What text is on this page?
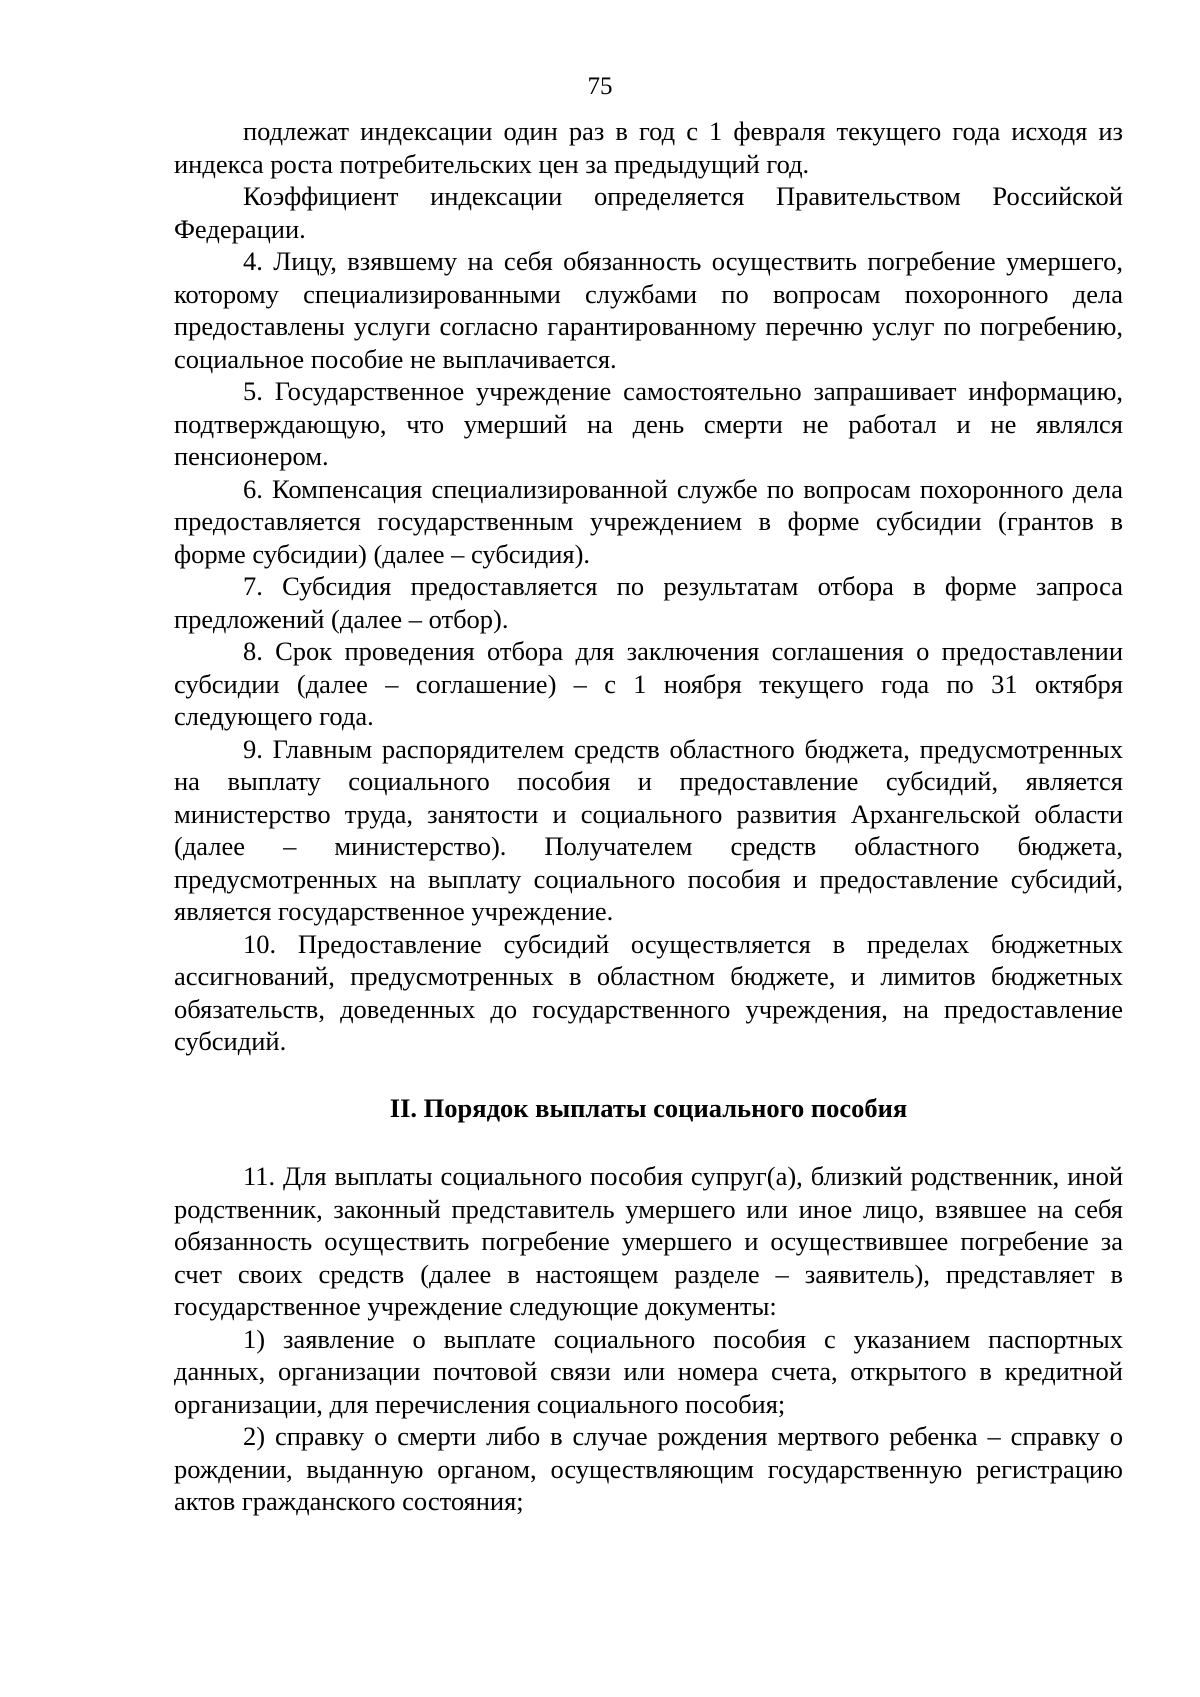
75

подлежат индексации один раз в год с 1 февраля текущего года исходя из индекса роста потребительских цен за предыдущий год.

Коэффициент индексации определяется Правительством Российской Федерации.

4. Лицу, взявшему на себя обязанность осуществить погребение умершего, которому специализированными службами по вопросам похоронного дела предоставлены услуги согласно гарантированному перечню услуг по погребению, социальное пособие не выплачивается.

5. Государственное учреждение самостоятельно запрашивает информацию, подтверждающую, что умерший на день смерти не работал и не являлся пенсионером.

6. Компенсация специализированной службе по вопросам похоронного дела предоставляется государственным учреждением в форме субсидии (грантов в форме субсидии) (далее – субсидия).

7. Субсидия предоставляется по результатам отбора в форме запроса предложений (далее – отбор).

8. Срок проведения отбора для заключения соглашения о предоставлении субсидии (далее – соглашение) – с 1 ноября текущего года по 31 октября следующего года.

9. Главным распорядителем средств областного бюджета, предусмотренных на выплату социального пособия и предоставление субсидий, является министерство труда, занятости и социального развития Архангельской области (далее – министерство). Получателем средств областного бюджета, предусмотренных на выплату социального пособия и предоставление субсидий, является государственное учреждение.

10. Предоставление субсидий осуществляется в пределах бюджетных ассигнований, предусмотренных в областном бюджете, и лимитов бюджетных обязательств, доведенных до государственного учреждения, на предоставление субсидий.

II. Порядок выплаты социального пособия

11. Для выплаты социального пособия супруг(а), близкий родственник, иной родственник, законный представитель умершего или иное лицо, взявшее на себя обязанность осуществить погребение умершего и осуществившее погребение за счет своих средств (далее в настоящем разделе – заявитель), представляет в государственное учреждение следующие документы:

1) заявление о выплате социального пособия с указанием паспортных данных, организации почтовой связи или номера счета, открытого в кредитной организации, для перечисления социального пособия;

2) справку о смерти либо в случае рождения мертвого ребенка – справку о рождении, выданную органом, осуществляющим государственную регистрацию актов гражданского состояния;
